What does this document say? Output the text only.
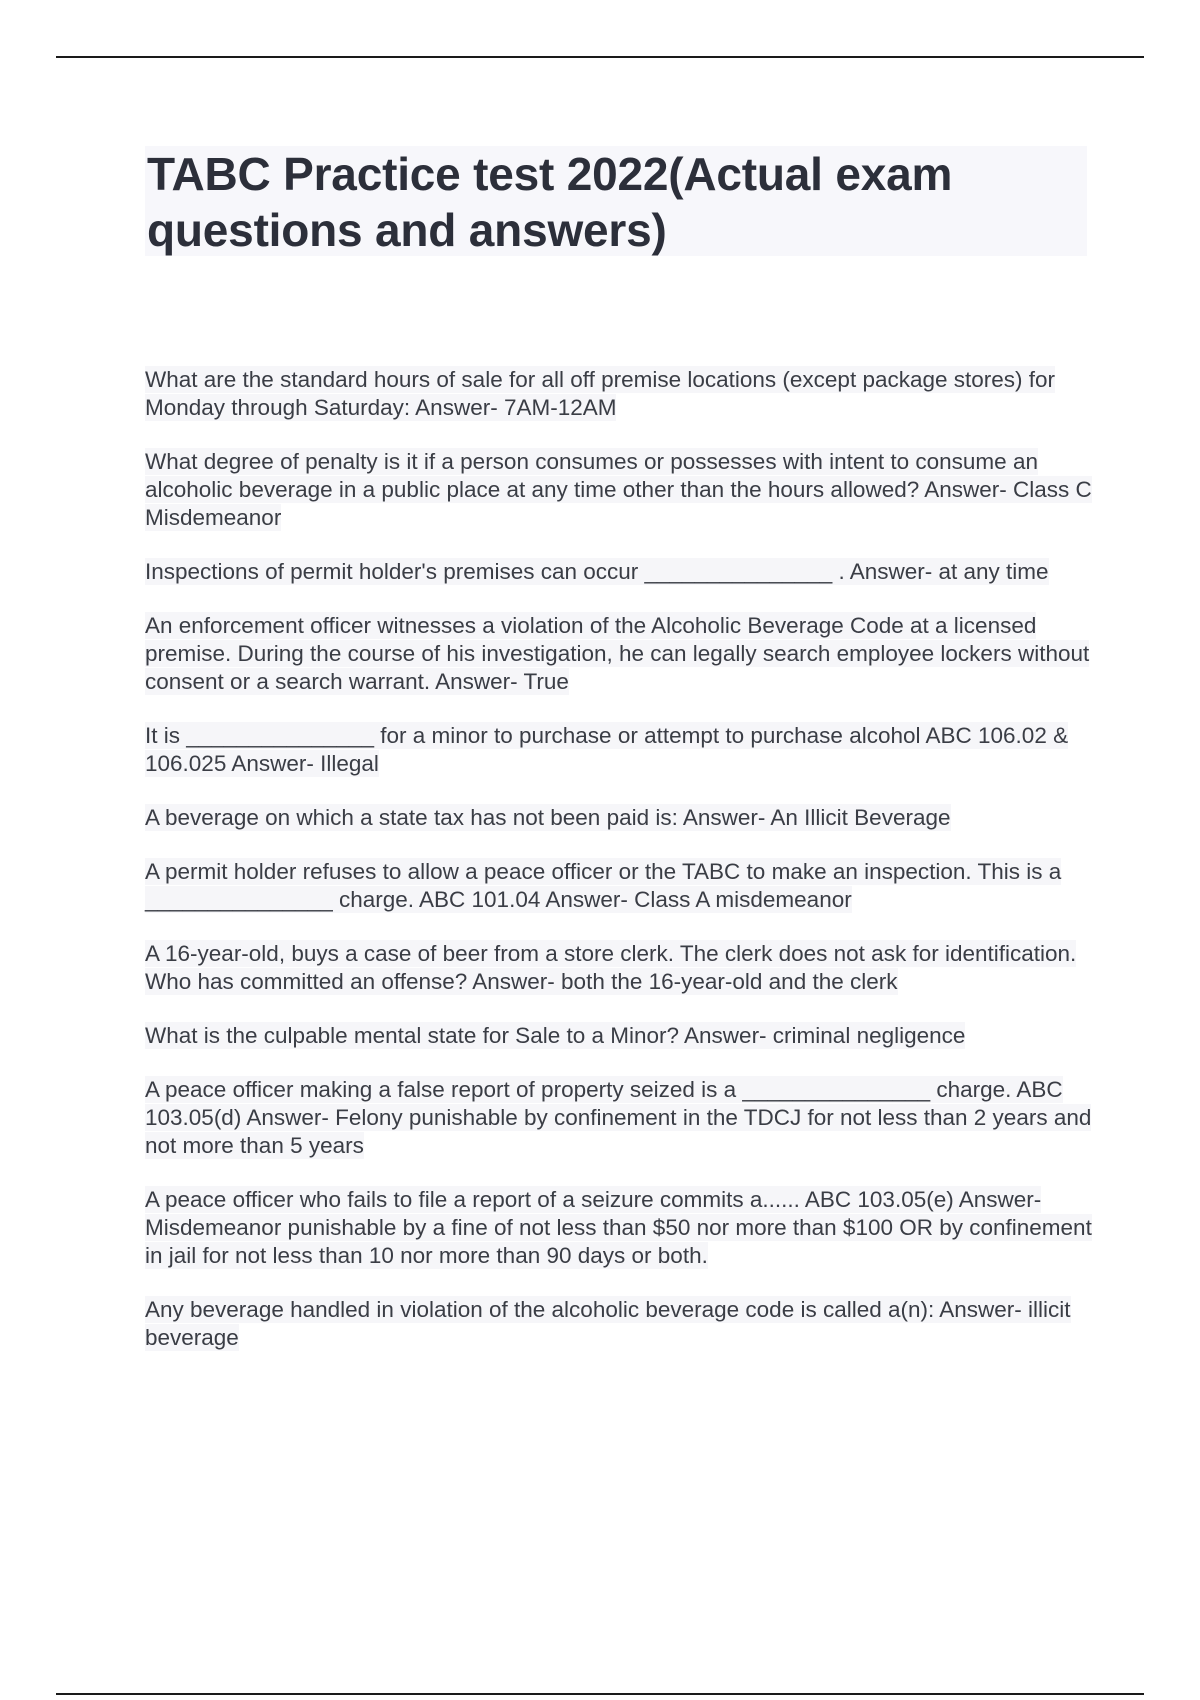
TABC Practice test 2022(Actual exam questions and answers)

What are the standard hours of sale for all off premise locations (except package stores) for Monday through Saturday: Answer- 7AM-12AM

What degree of penalty is it if a person consumes or possesses with intent to consume an alcoholic beverage in a public place at any time other than the hours allowed? Answer- Class C Misdemeanor

Inspections of permit holder's premises can occur _______________ . Answer- at any time

An enforcement officer witnesses a violation of the Alcoholic Beverage Code at a licensed premise. During the course of his investigation, he can legally search employee lockers without consent or a search warrant. Answer- True

It is _______________ for a minor to purchase or attempt to purchase alcohol ABC 106.02 & 106.025 Answer- Illegal

A beverage on which a state tax has not been paid is: Answer- An Illicit Beverage

A permit holder refuses to allow a peace officer or the TABC to make an inspection. This is a _______________ charge. ABC 101.04 Answer- Class A misdemeanor

A 16-year-old, buys a case of beer from a store clerk. The clerk does not ask for identification. Who has committed an offense? Answer- both the 16-year-old and the clerk

What is the culpable mental state for Sale to a Minor? Answer- criminal negligence

A peace officer making a false report of property seized is a _______________ charge. ABC 103.05(d) Answer- Felony punishable by confinement in the TDCJ for not less than 2 years and not more than 5 years

A peace officer who fails to file a report of a seizure commits a...... ABC 103.05(e) Answer- Misdemeanor punishable by a fine of not less than $50 nor more than $100 OR by confinement in jail for not less than 10 nor more than 90 days or both.

Any beverage handled in violation of the alcoholic beverage code is called a(n): Answer- illicit beverage
